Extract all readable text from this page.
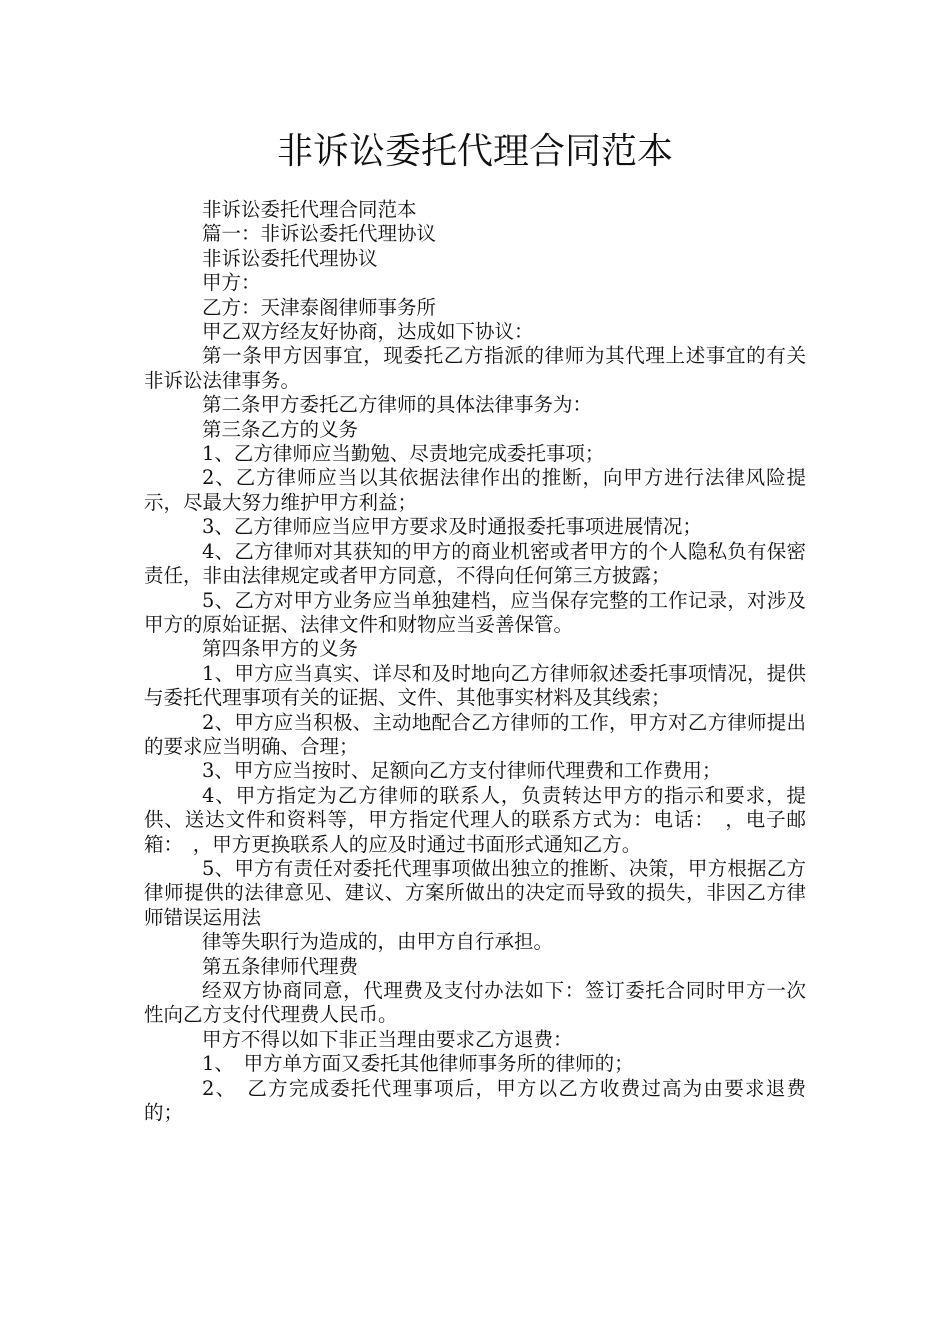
非诉讼委托代理合同范本

非诉讼委托代理合同范本

篇一：非诉讼委托代理协议

非诉讼委托代理协议

甲方：

乙方：天津泰阁律师事务所

甲乙双方经友好协商，达成如下协议：

第一条甲方因事宜，现委托乙方指派的律师为其代理上述事宜的有关非诉讼法律事务。

第二条甲方委托乙方律师的具体法律事务为：

第三条乙方的义务

1、乙方律师应当勤勉、尽责地完成委托事项；

2、乙方律师应当以其依据法律作出的推断，向甲方进行法律风险提示，尽最大努力维护甲方利益；

3、乙方律师应当应甲方要求及时通报委托事项进展情况；

4、乙方律师对其获知的甲方的商业机密或者甲方的个人隐私负有保密责任，非由法律规定或者甲方同意，不得向任何第三方披露；

5、乙方对甲方业务应当单独建档，应当保存完整的工作记录，对涉及甲方的原始证据、法律文件和财物应当妥善保管。

第四条甲方的义务

1、甲方应当真实、详尽和及时地向乙方律师叙述委托事项情况，提供与委托代理事项有关的证据、文件、其他事实材料及其线索；

2、甲方应当积极、主动地配合乙方律师的工作，甲方对乙方律师提出的要求应当明确、合理；

3、甲方应当按时、足额向乙方支付律师代理费和工作费用；

4、甲方指定为乙方律师的联系人，负责转达甲方的指示和要求，提供、送达文件和资料等，甲方指定代理人的联系方式为：电话：　，电子邮箱：　，甲方更换联系人的应及时通过书面形式通知乙方。

5、甲方有责任对委托代理事项做出独立的推断、决策，甲方根据乙方律师提供的法律意见、建议、方案所做出的决定而导致的损失，非因乙方律师错误运用法

律等失职行为造成的，由甲方自行承担。

第五条律师代理费

经双方协商同意，代理费及支付办法如下：签订委托合同时甲方一次性向乙方支付代理费人民币。

甲方不得以如下非正当理由要求乙方退费：

1、　甲方单方面又委托其他律师事务所的律师的；

2、　乙方完成委托代理事项后，甲方以乙方收费过高为由要求退费的；
